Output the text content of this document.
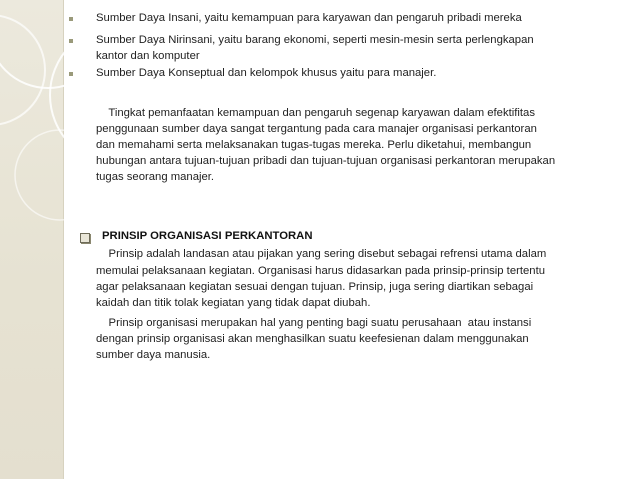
Sumber Daya Insani, yaitu kemampuan para karyawan dan pengaruh pribadi mereka
Sumber Daya Nirinsani, yaitu barang ekonomi, seperti mesin-mesin serta perlengkapan
kantor dan komputer
Sumber Daya Konseptual dan kelompok khusus yaitu para manajer.
Tingkat pemanfaatan kemampuan dan pengaruh segenap karyawan dalam efektifitas
penggunaan sumber daya sangat tergantung pada cara manajer organisasi perkantoran
dan memahami serta melaksanakan tugas-tugas mereka. Perlu diketahui, membangun
hubungan antara tujuan-tujuan pribadi dan tujuan-tujuan organisasi perkantoran merupakan
tugas seorang manajer.
PRINSIP ORGANISASI PERKANTORAN
Prinsip adalah landasan atau pijakan yang sering disebut sebagai refrensi utama dalam
memulai pelaksanaan kegiatan. Organisasi harus didasarkan pada prinsip-prinsip tertentu
agar pelaksanaan kegiatan sesuai dengan tujuan. Prinsip, juga sering diartikan sebagai
kaidah dan titik tolak kegiatan yang tidak dapat diubah.
Prinsip organisasi merupakan hal yang penting bagi suatu perusahaan  atau instansi
dengan prinsip organisasi akan menghasilkan suatu keefesienan dalam menggunakan
sumber daya manusia.
